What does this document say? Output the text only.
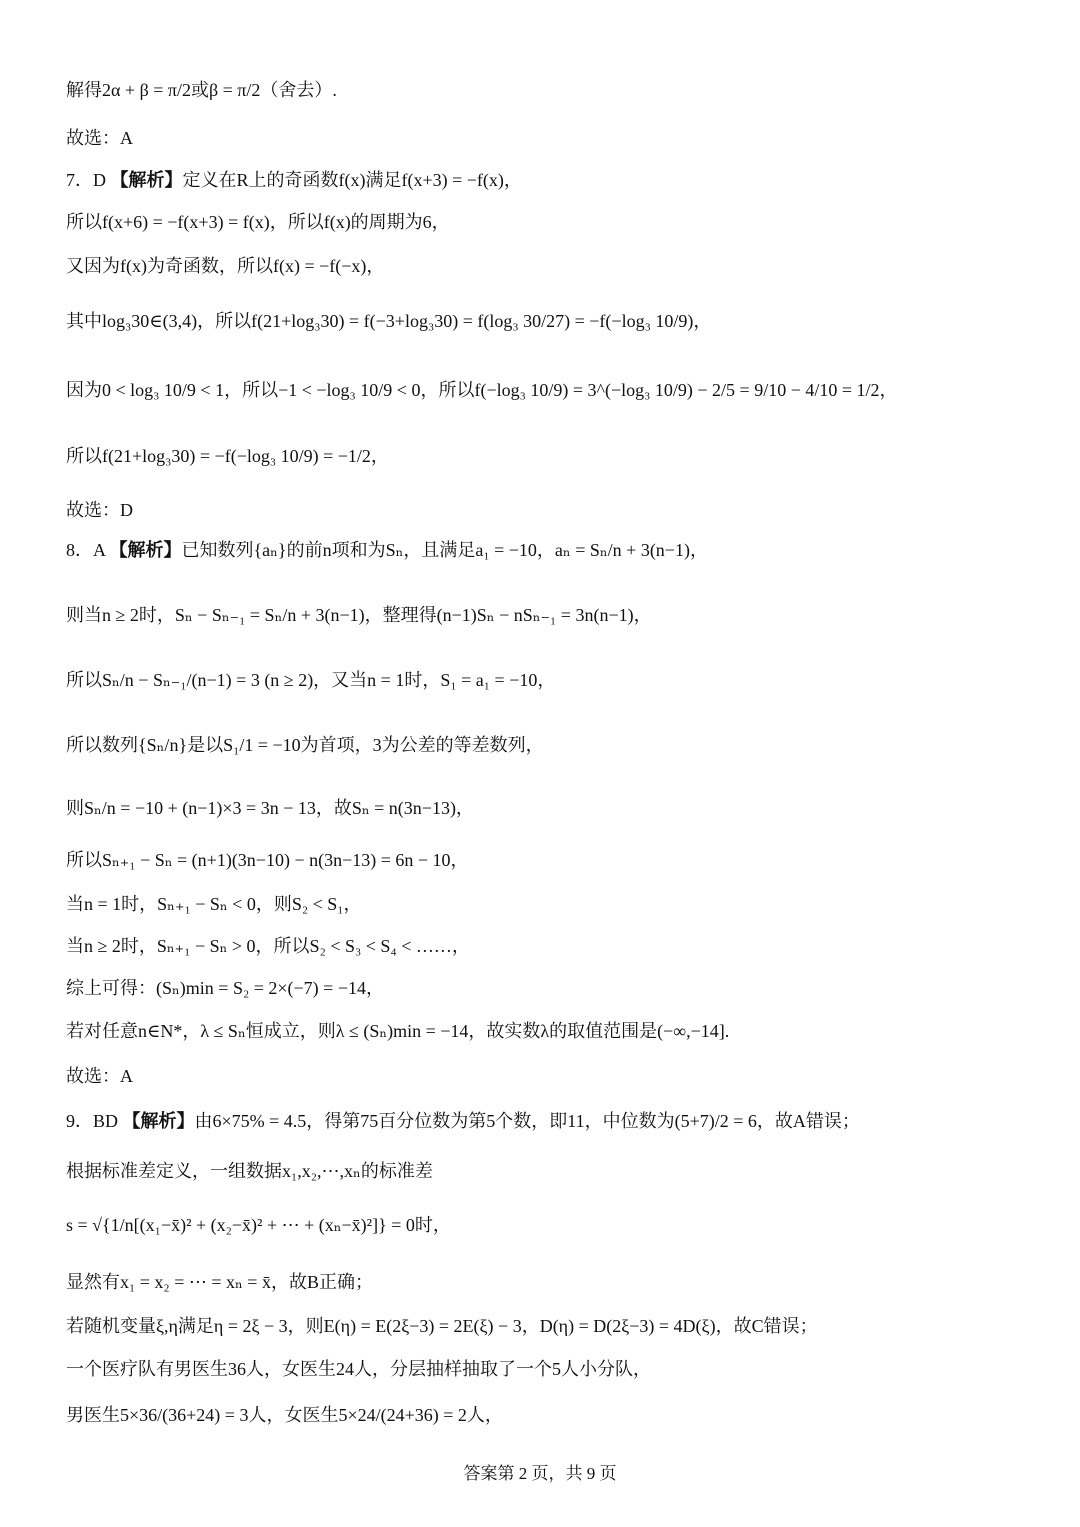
解得2α + β = π/2或β = π/2（舍去）.
故选：A
7．D 【解析】定义在R上的奇函数f(x)满足f(x+3) = −f(x)，
所以f(x+6) = −f(x+3) = f(x)，所以f(x)的周期为6，
又因为f(x)为奇函数，所以f(x) = −f(−x)，
其中log₃30∈(3,4)，所以f(21+log₃30) = f(−3+log₃30) = f(log₃ 30/27) = −f(−log₃ 10/9)，
因为0 < log₃ 10/9 < 1，所以−1 < −log₃ 10/9 < 0，所以f(−log₃ 10/9) = 3^(−log₃ 10/9) − 2/5 = 9/10 − 4/10 = 1/2，
所以f(21+log₃30) = −f(−log₃ 10/9) = −1/2，
故选：D
8．A 【解析】已知数列{aₙ}的前n项和为Sₙ，且满足a₁ = −10，aₙ = Sₙ/n + 3(n−1)，
则当n ≥ 2时，Sₙ − Sₙ₋₁ = Sₙ/n + 3(n−1)，整理得(n−1)Sₙ − nSₙ₋₁ = 3n(n−1)，
所以Sₙ/n − Sₙ₋₁/(n−1) = 3 (n ≥ 2)，又当n = 1时，S₁ = a₁ = −10，
所以数列{Sₙ/n}是以S₁/1 = −10为首项，3为公差的等差数列，
则Sₙ/n = −10 + (n−1)×3 = 3n − 13，故Sₙ = n(3n−13)，
所以Sₙ₊₁ − Sₙ = (n+1)(3n−10) − n(3n−13) = 6n − 10，
当n = 1时，Sₙ₊₁ − Sₙ < 0，则S₂ < S₁，
当n ≥ 2时，Sₙ₊₁ − Sₙ > 0，所以S₂ < S₃ < S₄ < ……，
综上可得：(Sₙ)min = S₂ = 2×(−7) = −14，
若对任意n∈N*，λ ≤ Sₙ恒成立，则λ ≤ (Sₙ)min = −14，故实数λ的取值范围是(−∞,−14].
故选：A
9．BD 【解析】由6×75% = 4.5，得第75百分位数为第5个数，即11，中位数为(5+7)/2 = 6，故A错误；
根据标准差定义，一组数据x₁,x₂,⋯,xₙ的标准差
s = √{1/n[(x₁−x̄)² + (x₂−x̄)² + ⋯ + (xₙ−x̄)²]} = 0时，
显然有x₁ = x₂ = ⋯ = xₙ = x̄，故B正确；
若随机变量ξ,η满足η = 2ξ − 3，则E(η) = E(2ξ−3) = 2E(ξ) − 3，D(η) = D(2ξ−3) = 4D(ξ)，故C错误；
一个医疗队有男医生36人，女医生24人，分层抽样抽取了一个5人小分队，
男医生5×36/(36+24) = 3人，女医生5×24/(24+36) = 2人，
答案第 2 页，共 9 页
